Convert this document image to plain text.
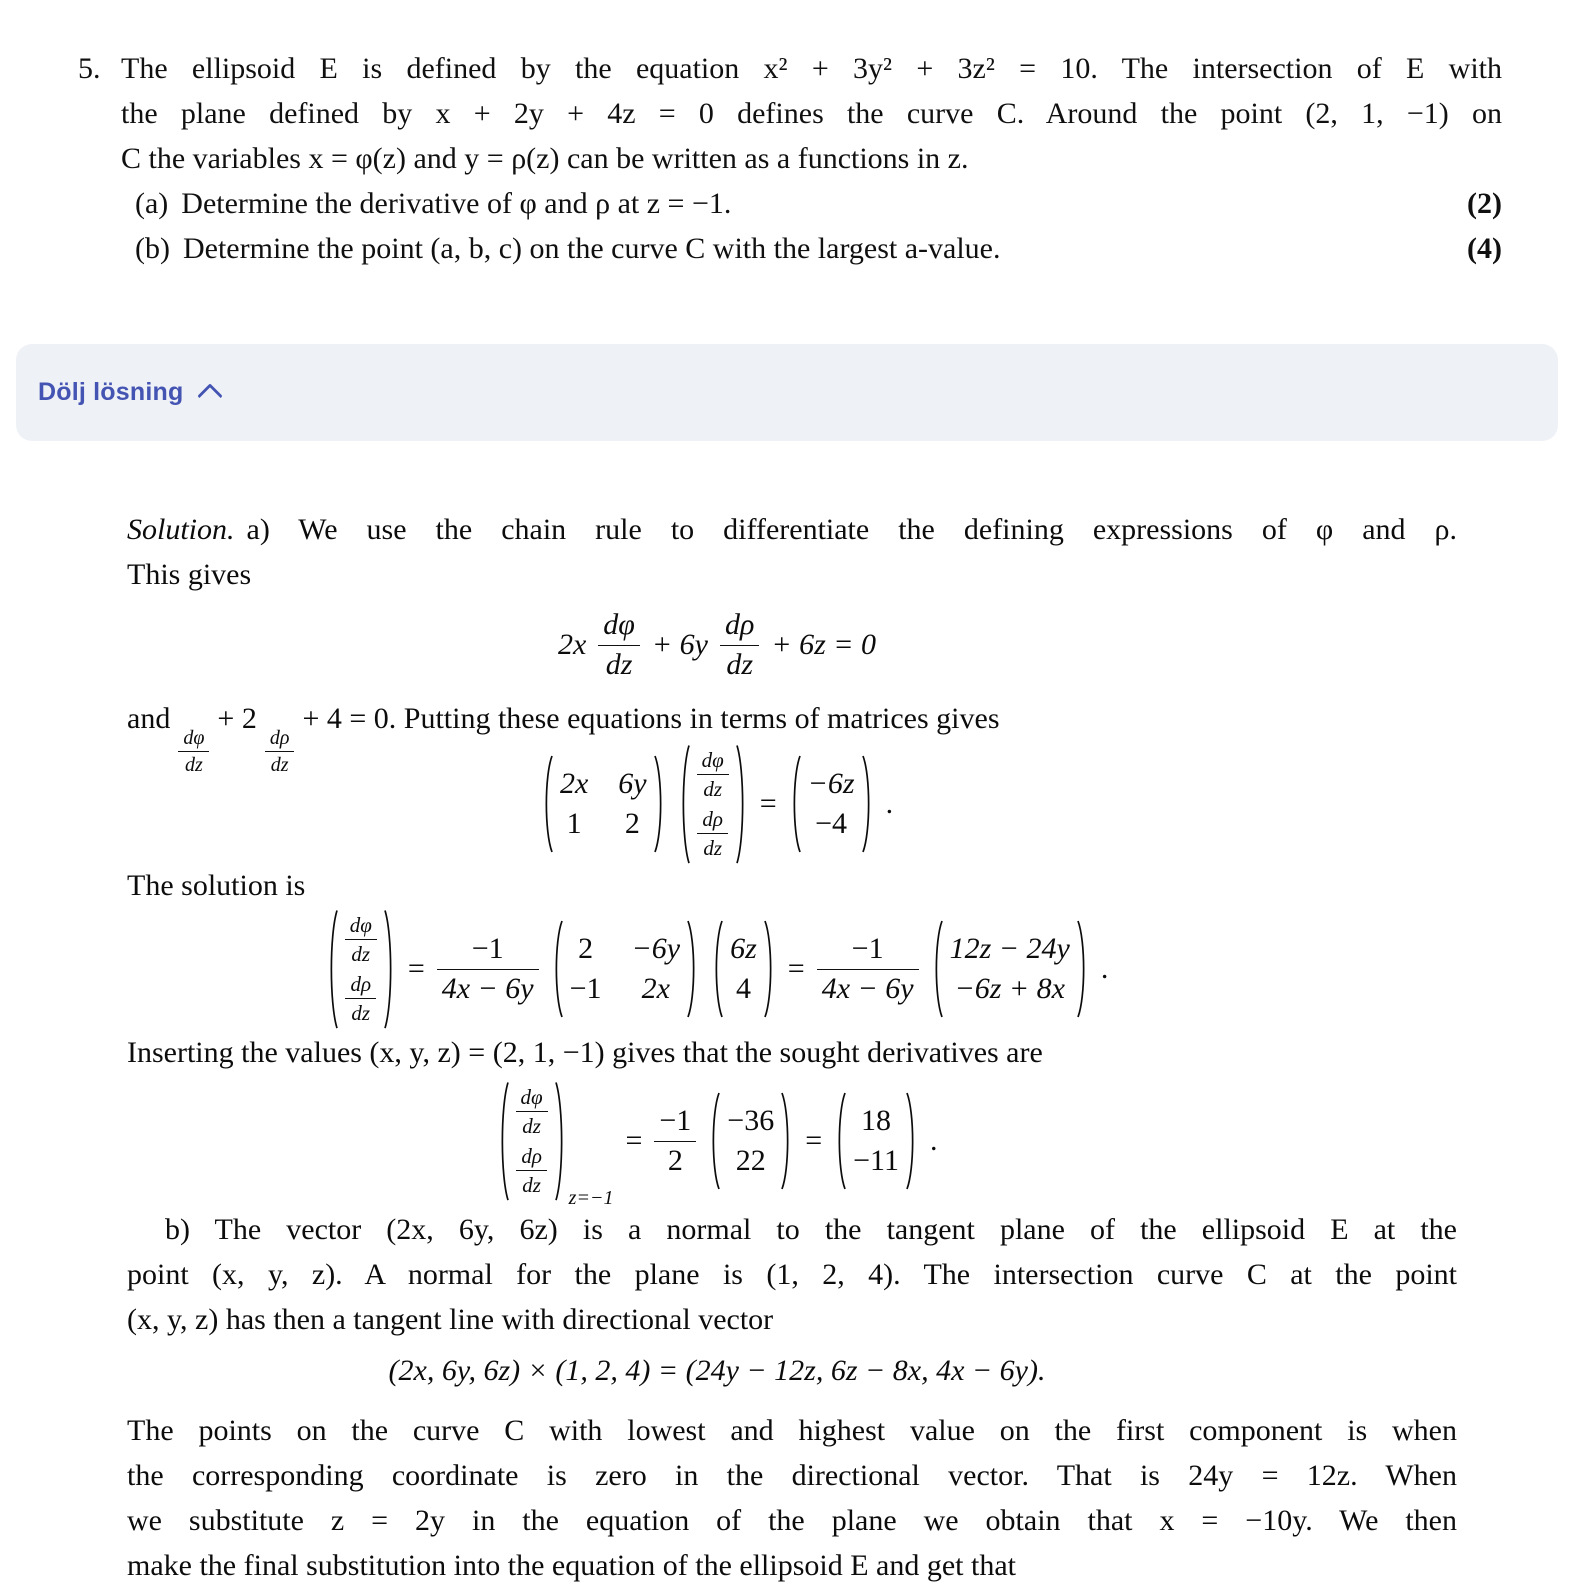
5. The ellipsoid E is defined by the equation x² + 3y² + 3z² = 10. The intersection of E with
the plane defined by x + 2y + 4z = 0 defines the curve C. Around the point (2, 1, −1) on
C the variables x = φ(z) and y = ρ(z) can be written as a functions in z.
(a) Determine the derivative of φ and ρ at z = −1.	(2)
(b) Determine the point (a, b, c) on the curve C with the largest a-value.	(4)
Dölj lösning
Solution. a) We use the chain rule to differentiate the defining expressions of φ and ρ.
This gives
2x
dφ
dz
+ 6y
dρ
dz
+ 6z = 0
and
$\frac{d\varphi}{dz}$
+ 2
$\frac{d\rho}{dz}$
+ 4 = 0. Putting these equations in terms of matrices gives
2x 6y
1 2
dφ
dz
dρ
dz
=
−6z
−4
.
The solution is
dφ
dz
dρ
dz
=
−1
4x − 6y
2 −6y
−1 2x
6z
4
=
−1
4x − 6y
12z − 24y
−6z + 8x
.
Inserting the values (x, y, z) = (2, 1, −1) gives that the sought derivatives are
dφ
dz
dρ
dz
z=−1
=
−1
2
−36
22
=
18
−11
.
b) The vector (2x, 6y, 6z) is a normal to the tangent plane of the ellipsoid E at the
point (x, y, z). A normal for the plane is (1, 2, 4). The intersection curve C at the point
(x, y, z) has then a tangent line with directional vector
(2x, 6y, 6z) × (1, 2, 4) = (24y − 12z, 6z − 8x, 4x − 6y).
The points on the curve C with lowest and highest value on the first component is when
the corresponding coordinate is zero in the directional vector. That is 24y = 12z. When
we substitute z = 2y in the equation of the plane we obtain that x = −10y. We then
make the final substitution into the equation of the ellipsoid E and get that
